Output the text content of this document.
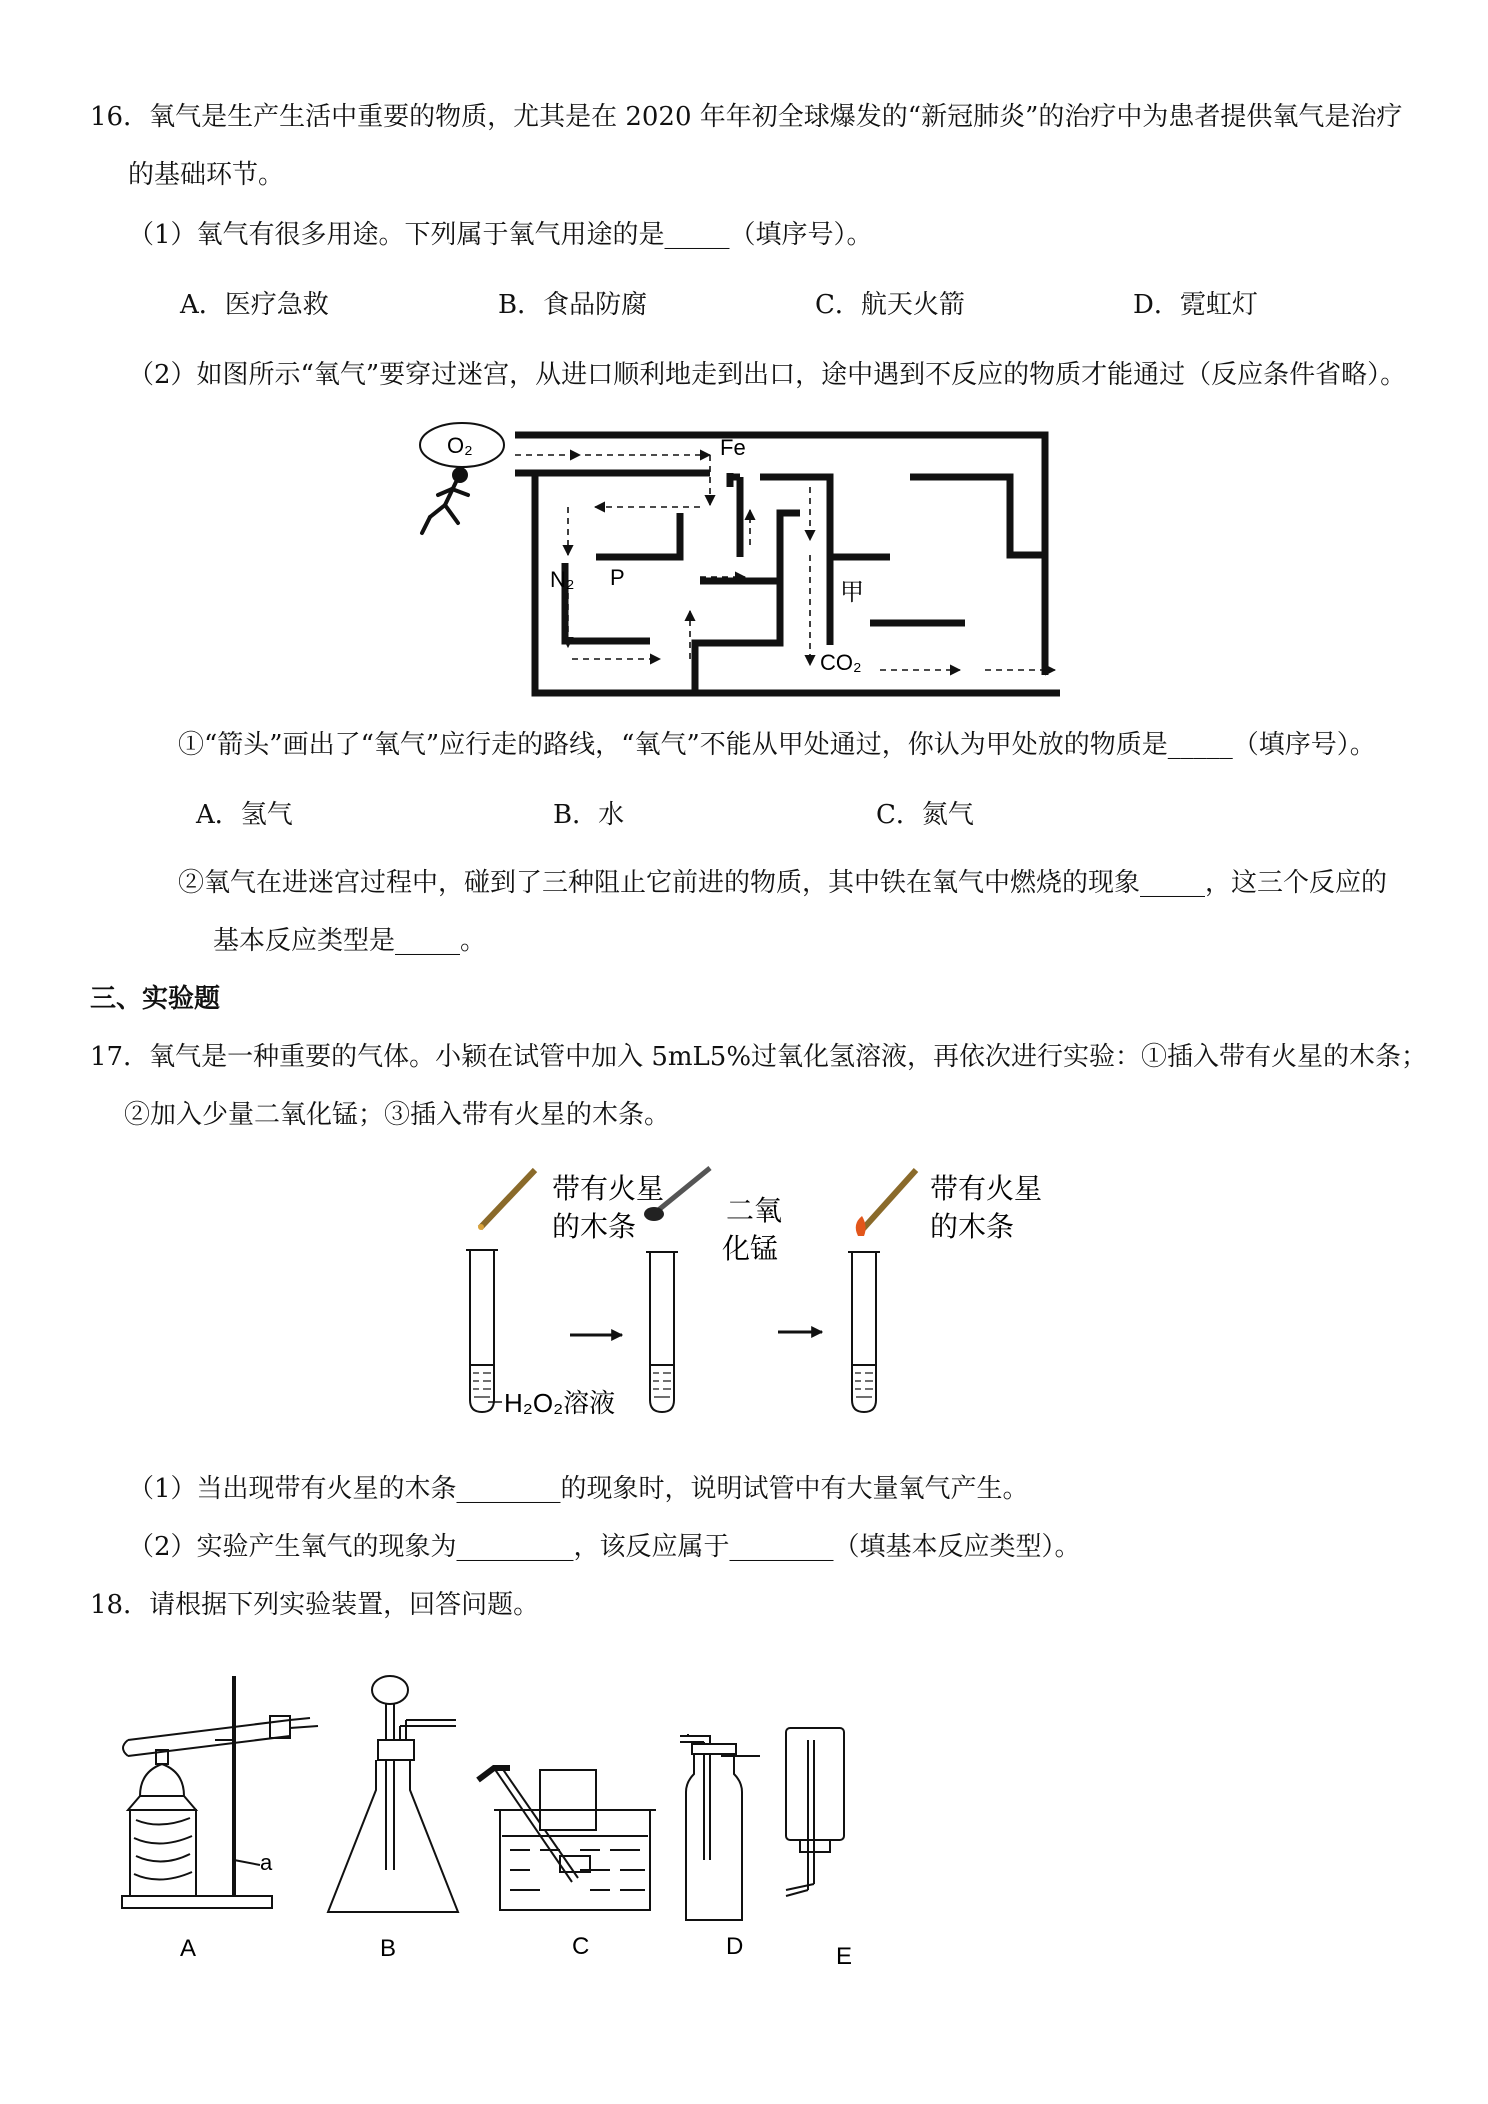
16．氧气是生产生活中重要的物质，尤其是在 2020 年年初全球爆发的“新冠肺炎”的治疗中为患者提供氧气是治疗
的基础环节。
（1）氧气有很多用途。下列属于氧气用途的是_____（填序号）。
A．医疗急救	B．食品防腐	C．航天火箭	D．霓虹灯
（2）如图所示“氧气”要穿过迷宫，从进口顺利地走到出口，途中遇到不反应的物质才能通过（反应条件省略）。
O₂	Fe
N₂ P
甲
CO₂
①“箭头”画出了“氧气”应行走的路线，“氧气”不能从甲处通过，你认为甲处放的物质是_____（填序号）。
A．氢气	B．水	C．氮气
②氧气在进迷宫过程中，碰到了三种阻止它前进的物质，其中铁在氧气中燃烧的现象_____，这三个反应的
基本反应类型是_____。
三、实验题
17．氧气是一种重要的气体。小颖在试管中加入 5mL5%过氧化氢溶液，再依次进行实验：①插入带有火星的木条；
②加入少量二氧化锰；③插入带有火星的木条。
带有火星
的木条
H₂O₂溶液
二氧
化锰
带有火星
的木条
（1）当出现带有火星的木条________的现象时，说明试管中有大量氧气产生。
（2）实验产生氧气的现象为_________，该反应属于________（填基本反应类型）。
18．请根据下列实验装置，回答问题。
a
A	B	C	D	E
